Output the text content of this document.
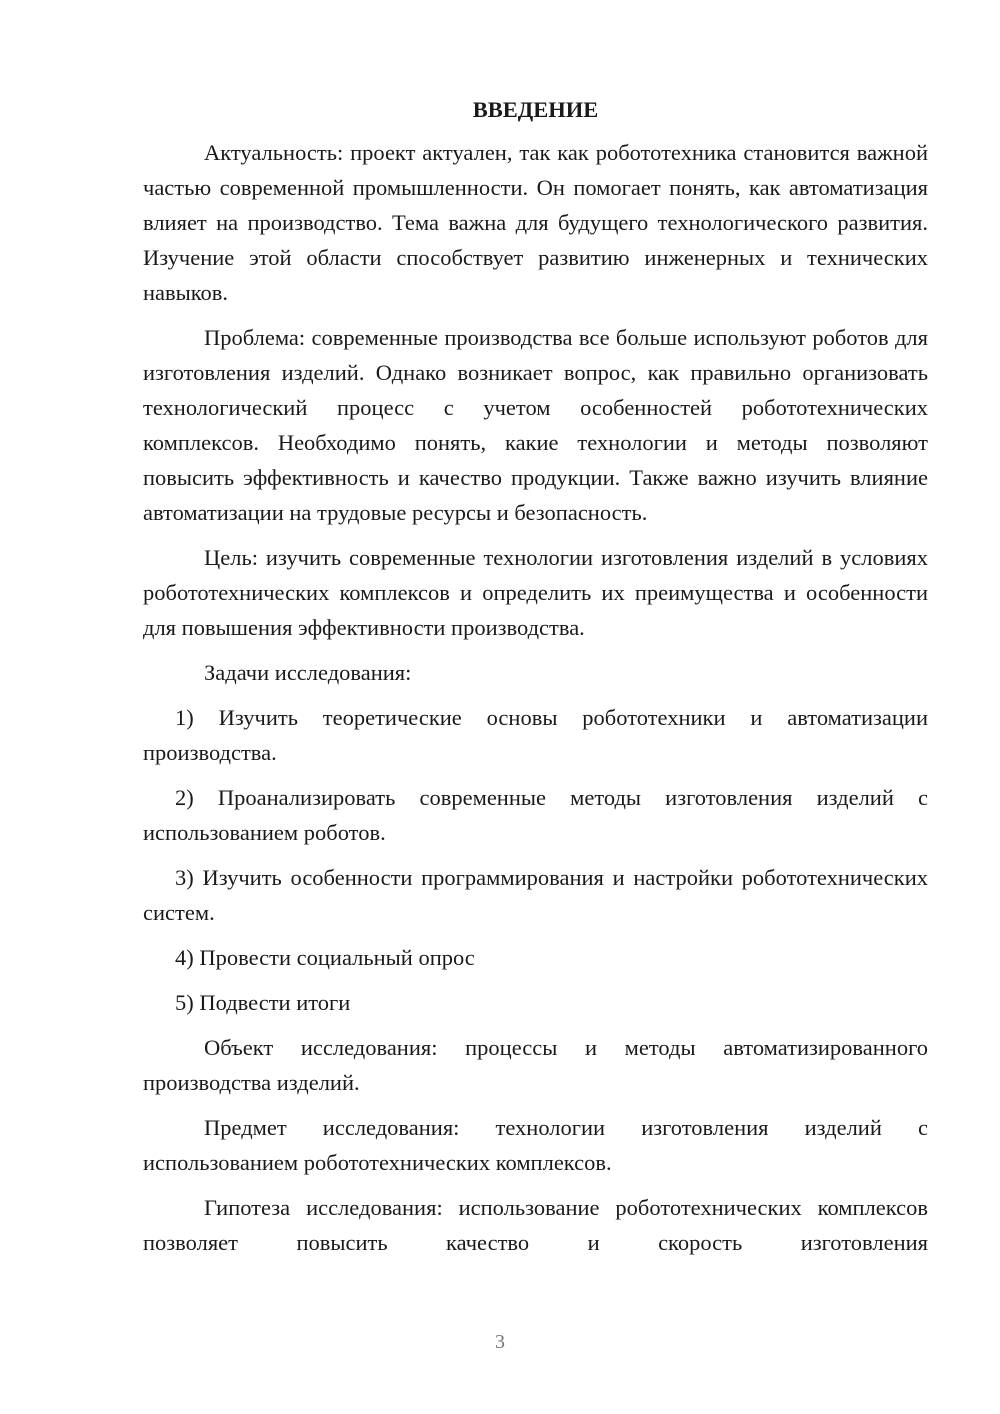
ВВЕДЕНИЕ

Актуальность: проект актуален, так как робототехника становится важной частью современной промышленности. Он помогает понять, как автоматизация влияет на производство. Тема важна для будущего технологического развития. Изучение этой области способствует развитию инженерных и технических навыков.

Проблема: современные производства все больше используют роботов для изготовления изделий. Однако возникает вопрос, как правильно организовать технологический процесс с учетом особенностей робототехнических комплексов. Необходимо понять, какие технологии и методы позволяют повысить эффективность и качество продукции. Также важно изучить влияние автоматизации на трудовые ресурсы и безопасность.

Цель: изучить современные технологии изготовления изделий в условиях робототехнических комплексов и определить их преимущества и особенности для повышения эффективности производства.

Задачи исследования:

1) Изучить теоретические основы робототехники и автоматизации производства.

2) Проанализировать современные методы изготовления изделий с использованием роботов.

3) Изучить особенности программирования и настройки робототехнических систем.

4) Провести социальный опрос

5) Подвести итоги

Объект исследования: процессы и методы автоматизированного производства изделий.

Предмет исследования: технологии изготовления изделий с использованием робототехнических комплексов.

Гипотеза исследования: использование робототехнических комплексов позволяет повысить качество и скорость изготовления

3
